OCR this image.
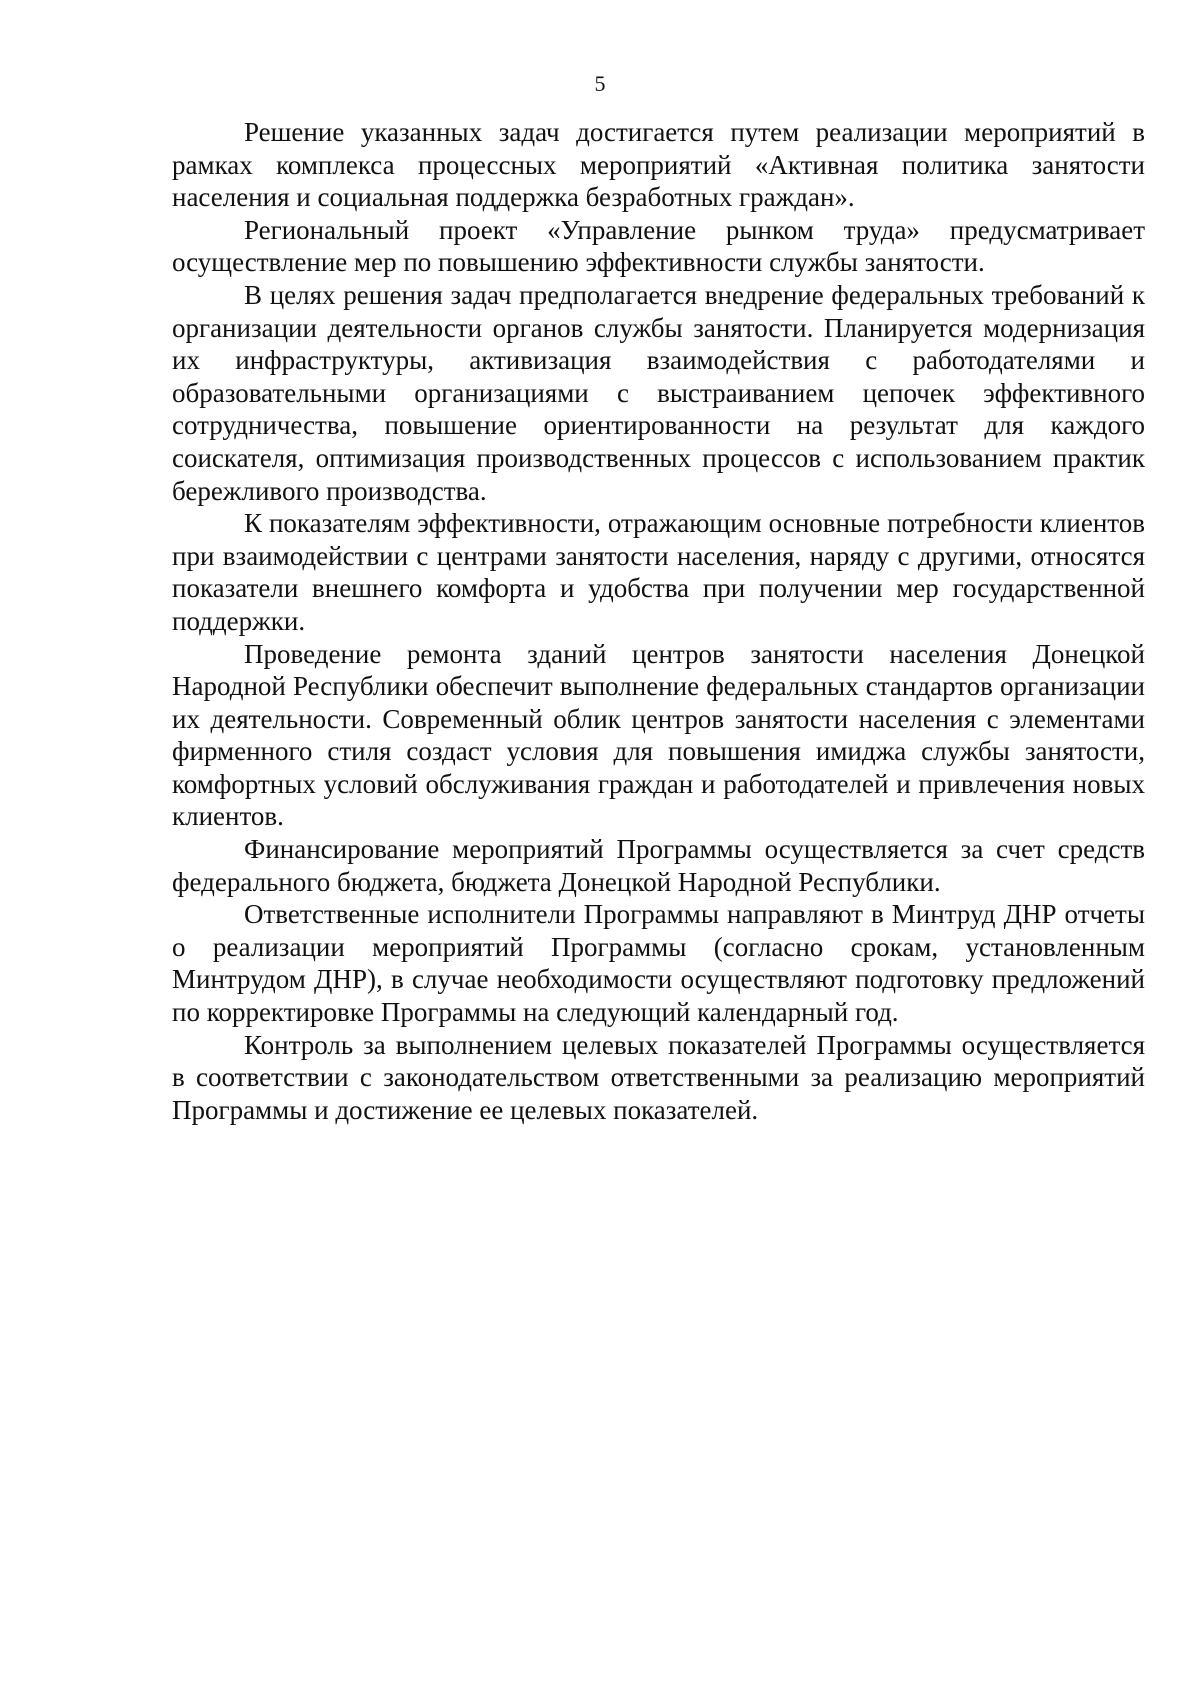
5

Решение указанных задач достигается путем реализации мероприятий в рамках комплекса процессных мероприятий «Активная политика занятости населения и социальная поддержка безработных граждан».

Региональный проект «Управление рынком труда» предусматривает осуществление мер по повышению эффективности службы занятости.

В целях решения задач предполагается внедрение федеральных требований к организации деятельности органов службы занятости. Планируется модернизация их инфраструктуры, активизация взаимодействия с работодателями и образовательными организациями с выстраиванием цепочек эффективного сотрудничества, повышение ориентированности на результат для каждого соискателя, оптимизация производственных процессов с использованием практик бережливого производства.

К показателям эффективности, отражающим основные потребности клиентов при взаимодействии с центрами занятости населения, наряду с другими, относятся показатели внешнего комфорта и удобства при получении мер государственной поддержки.

Проведение ремонта зданий центров занятости населения Донецкой Народной Республики обеспечит выполнение федеральных стандартов организации их деятельности. Современный облик центров занятости населения с элементами фирменного стиля создаст условия для повышения имиджа службы занятости, комфортных условий обслуживания граждан и работодателей и привлечения новых клиентов.

Финансирование мероприятий Программы осуществляется за счет средств федерального бюджета, бюджета Донецкой Народной Республики.

Ответственные исполнители Программы направляют в Минтруд ДНР отчеты о реализации мероприятий Программы (согласно срокам, установленным Минтрудом ДНР), в случае необходимости осуществляют подготовку предложений по корректировке Программы на следующий календарный год.

Контроль за выполнением целевых показателей Программы осуществляется в соответствии с законодательством ответственными за реализацию мероприятий Программы и достижение ее целевых показателей.
